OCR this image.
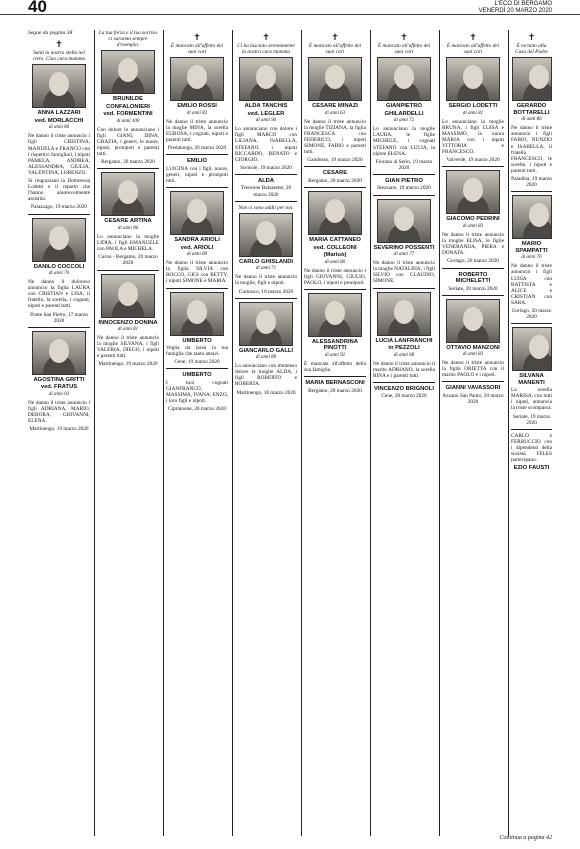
40	L'ECO DI BERGAMO
VENERDÌ 20 MARZO 2020
Segue da pagina 38
✝

Santi la nostra stella nel cielo. Ciao cara mamma

ANNA LAZZARI
ved. MORLACCHI
di anni 86

Ne danno il triste annuncio i figli CRISTINA, MANUELA e FRANCO con i rispettivi famigliari, i nipoti PAMELA, ANDREA, ALESSANDRA, GIULIA, VALENTINA, LORENZO.

Si ringraziano la Dottoressa Lodetti e il reparto che l'hanno amorevolmente assistita.

Palazzago, 19 marzo 2020

DANILO COCCOLI
di anni 76

Ne danno il doloroso annuncio la figlia LAURA con CRISTIAN e LISA, il fratello, la sorella, i cognati, nipoti e parenti tutti.

Ponte San Pietro, 17 marzo 2020

AGOSTINA GRITTI
ved. FRATUS
di anni 93

Ne danno il triste annuncio i figli ADRIANA, MARIO, DEBORA, GIOVANNI, ELENA.

Martinengo, 19 marzo 2020

La tua forza e il tuo sorriso ci saranno sempre d'esempio.

BRUNILDE
CONFALONIERI
ved. FORMENTINI
di anni 100

Con dolore lo annunciano i figli GIANI, DINA, GRAZIA, i generi, le nuore, nipoti, pronipoti e parenti tutti.

Bergamo, 20 marzo 2020

CESARE ARTINA
di anni 86

Lo annunciano la moglie LIDIA, i figli EMANUELE con PAOLA e MICHELA.

Curno - Bergamo, 20 marzo 2020

INNOCENZO DONINA
di anni 81

Ne danno il triste annuncio la moglie SILVANA, i figli VALERIA, DIEGO, i nipoti e parenti tutti.

Martinengo, 19 marzo 2020

✝

È mancato all'affetto dei suoi cari

EMILIO ROSSI
di anni 82

Ne danno il triste annuncio la moglie MINA, la sorella EUROSA, i cognati, nipoti e parenti tutti.

Predalunga, 20 marzo 2020

EMILIO

LUIGINA con i figli, nuore, generi, nipoti e pronipoti tutti.

SANDRA ARIOLI
ved. ARIOLI
di anni 89

Ne danno il triste annuncio la figlia SILVIA con ROCCO, GIGI con BETTY, i nipoti SIMONE e MARIA.

UMBERTO

Veglia da lassù la tua famiglia che tanto amavi.

Cene, 19 marzo 2020

UMBERTO

I tuoi cognati GIANFRANCO, MASSIMA, IVANA, ENZO, i loro figli e nipoti.

Ciprianone, 20 marzo 2020

✝

Ci ha lasciato serenamente la nostra cara mamma

ALDA TANCHIS
ved. LEGLER
di anni 96

Lo annunciano con dolore i figli MARCO con LILIANA, ISABELLA, STEFANO, i nipoti RICCARDO, RENATO e GIORGIO.

Sorisole, 19 marzo 2020

ALDA

Treocene Balsasette, 20 marzo 2020

Non ci sono addii per noi.

CARLO GHISLANDI
di anni 71

Ne danno il triste annuncio la moglie, figli e nipoti.

Curnasco, 18 marzo 2020

GIANCARLO GALLI
di anni 89

Lo annunciano con immenso dolore la moglie ALDA, i figli ROBERTO e ROBERTA.

Martinengo, 18 marzo 2020

✝

È mancato all'affetto dei suoi cari

CESARE MINAZI
di anni 63

Ne danno il triste annuncio la moglie TIZIANA, la figlia FRANCESCA con FEDERICO, i nipoti SIMONE, FABIO e parenti tutti.

Gandosso, 19 marzo 2020

CESARE

Bergamo, 20 marzo 2020

MARIA CATTANEO
ved. COLLEONI
(Mariuò)
di anni 86

Ne danno il triste annuncio i figli GIOVANNI, GIULIO, PAOLO, i nipoti e pronipoti.

ALESSANDRINA PINOTTI
di anni 92

È mancata all'affetto della sua famiglia.

MARIA BERNASCONI

Bergamo, 20 marzo 2020

✝

È mancato all'affetto dei suoi cari

GIANPIETRO
GHILARDELLI
di anni 72

Lo annunciano la moglie LAURA, le figlie MICHELE, i cognati STEFANO con LUCIA, la nipote ELENA.

Fiorano al Serio, 19 marzo 2020

GIAN PIETRO

Stezzano, 19 marzo 2020

SEVERINO POSSENTI
di anni 77

Ne danno il triste annuncio la moglie NATALINA, i figli SILVIO con CLAUDIO, SIMONE.

LUCIA LANFRANCHI
in PEZZOLI
di anni 68

Ne danno il triste annuncio il marito ADRIANO, la sorella RINA e i parenti tutti.

VINCENZO BRIGNOLI

Cene, 20 marzo 2020

✝

È mancato all'affetto dei suoi cari

SERGIO LODETTI
di anni 81

Lo annunciano la moglie BRUNA, i figli LUISA e MASSIMO, la nuora MARIA con i nipoti VITTORIA e FRANCESCO.

Valverde, 19 marzo 2020

GIACOMO PEDRINI
di anni 83

Ne danno il triste annuncio la moglie ELISA, le figlie VENERANDA, PIERA e DONATA.

Gorlago, 20 marzo 2020

ROBERTO MICHELETTI

Seriate, 20 marzo 2020

OTTAVIO MANZONI
di anni 83

Ne danno il triste annuncio la figlia ORIETTA con il marito PAOLO e i nipoti.

GIANNI VAVASSORI

Azzano San Paolo, 20 marzo 2020

✝

È tornato alla Casa del Padre

GERARDO BOTTARELLI
di anni 86

Ne danno il triste annuncio i figli FABIO, NUNZIO e ISABELLA, il fratello FRANCESCO, le sorelle, i nipoti e parenti tutti.

Paladina, 19 marzo 2020

MARIO SPAMPATTI
di anni 76

Ne danno il triste annuncio i figli LUISA con BATTISTA e ALICE e CRISTIAN con SARA.

Gorlago, 20 marzo 2020

SILVANA MANENTI

La sorella MARISA, con tutti i nipoti, annuncia la triste scomparsa.

Seriate, 19 marzo 2020

CARLO e FERRUCCIO con i dipendenti della società FELES partecipano.

EZIO FAUSTI
Continua a pagina 42
